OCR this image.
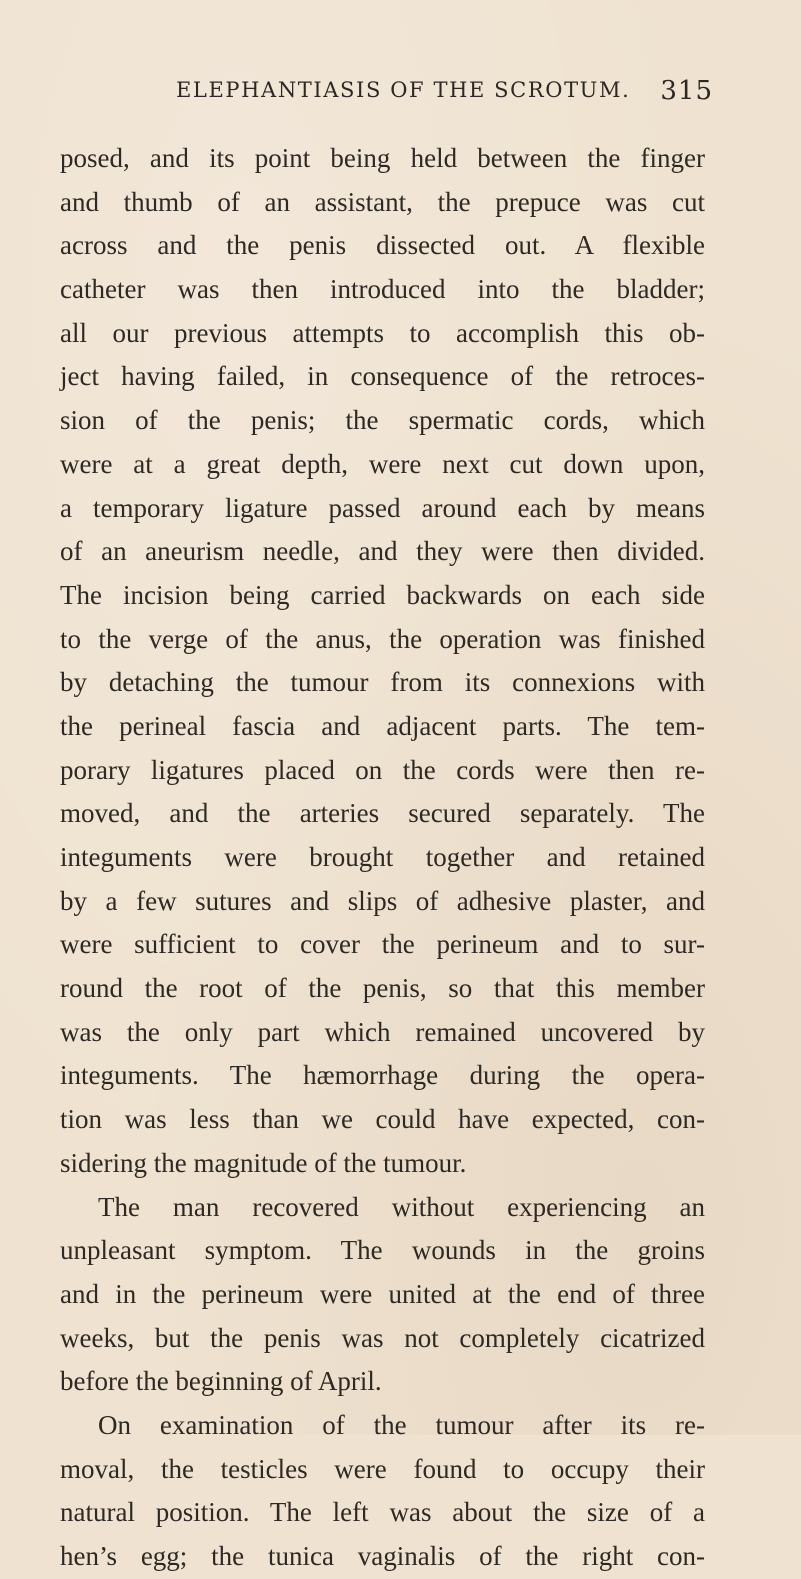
ELEPHANTIASIS OF THE SCROTUM. 315
posed, and its point being held between the finger
and thumb of an assistant, the prepuce was cut
across and the penis dissected out. A flexible
catheter was then introduced into the bladder;
all our previous attempts to accomplish this ob-
ject having failed, in consequence of the retroces-
sion of the penis; the spermatic cords, which
were at a great depth, were next cut down upon,
a temporary ligature passed around each by means
of an aneurism needle, and they were then divided.
The incision being carried backwards on each side
to the verge of the anus, the operation was finished
by detaching the tumour from its connexions with
the perineal fascia and adjacent parts. The tem-
porary ligatures placed on the cords were then re-
moved, and the arteries secured separately. The
integuments were brought together and retained
by a few sutures and slips of adhesive plaster, and
were sufficient to cover the perineum and to sur-
round the root of the penis, so that this member
was the only part which remained uncovered by
integuments. The hæmorrhage during the opera-
tion was less than we could have expected, con-
sidering the magnitude of the tumour.
The man recovered without experiencing an
unpleasant symptom. The wounds in the groins
and in the perineum were united at the end of three
weeks, but the penis was not completely cicatrized
before the beginning of April.
On examination of the tumour after its re-
moval, the testicles were found to occupy their
natural position. The left was about the size of a
hen’s egg; the tunica vaginalis of the right con-
